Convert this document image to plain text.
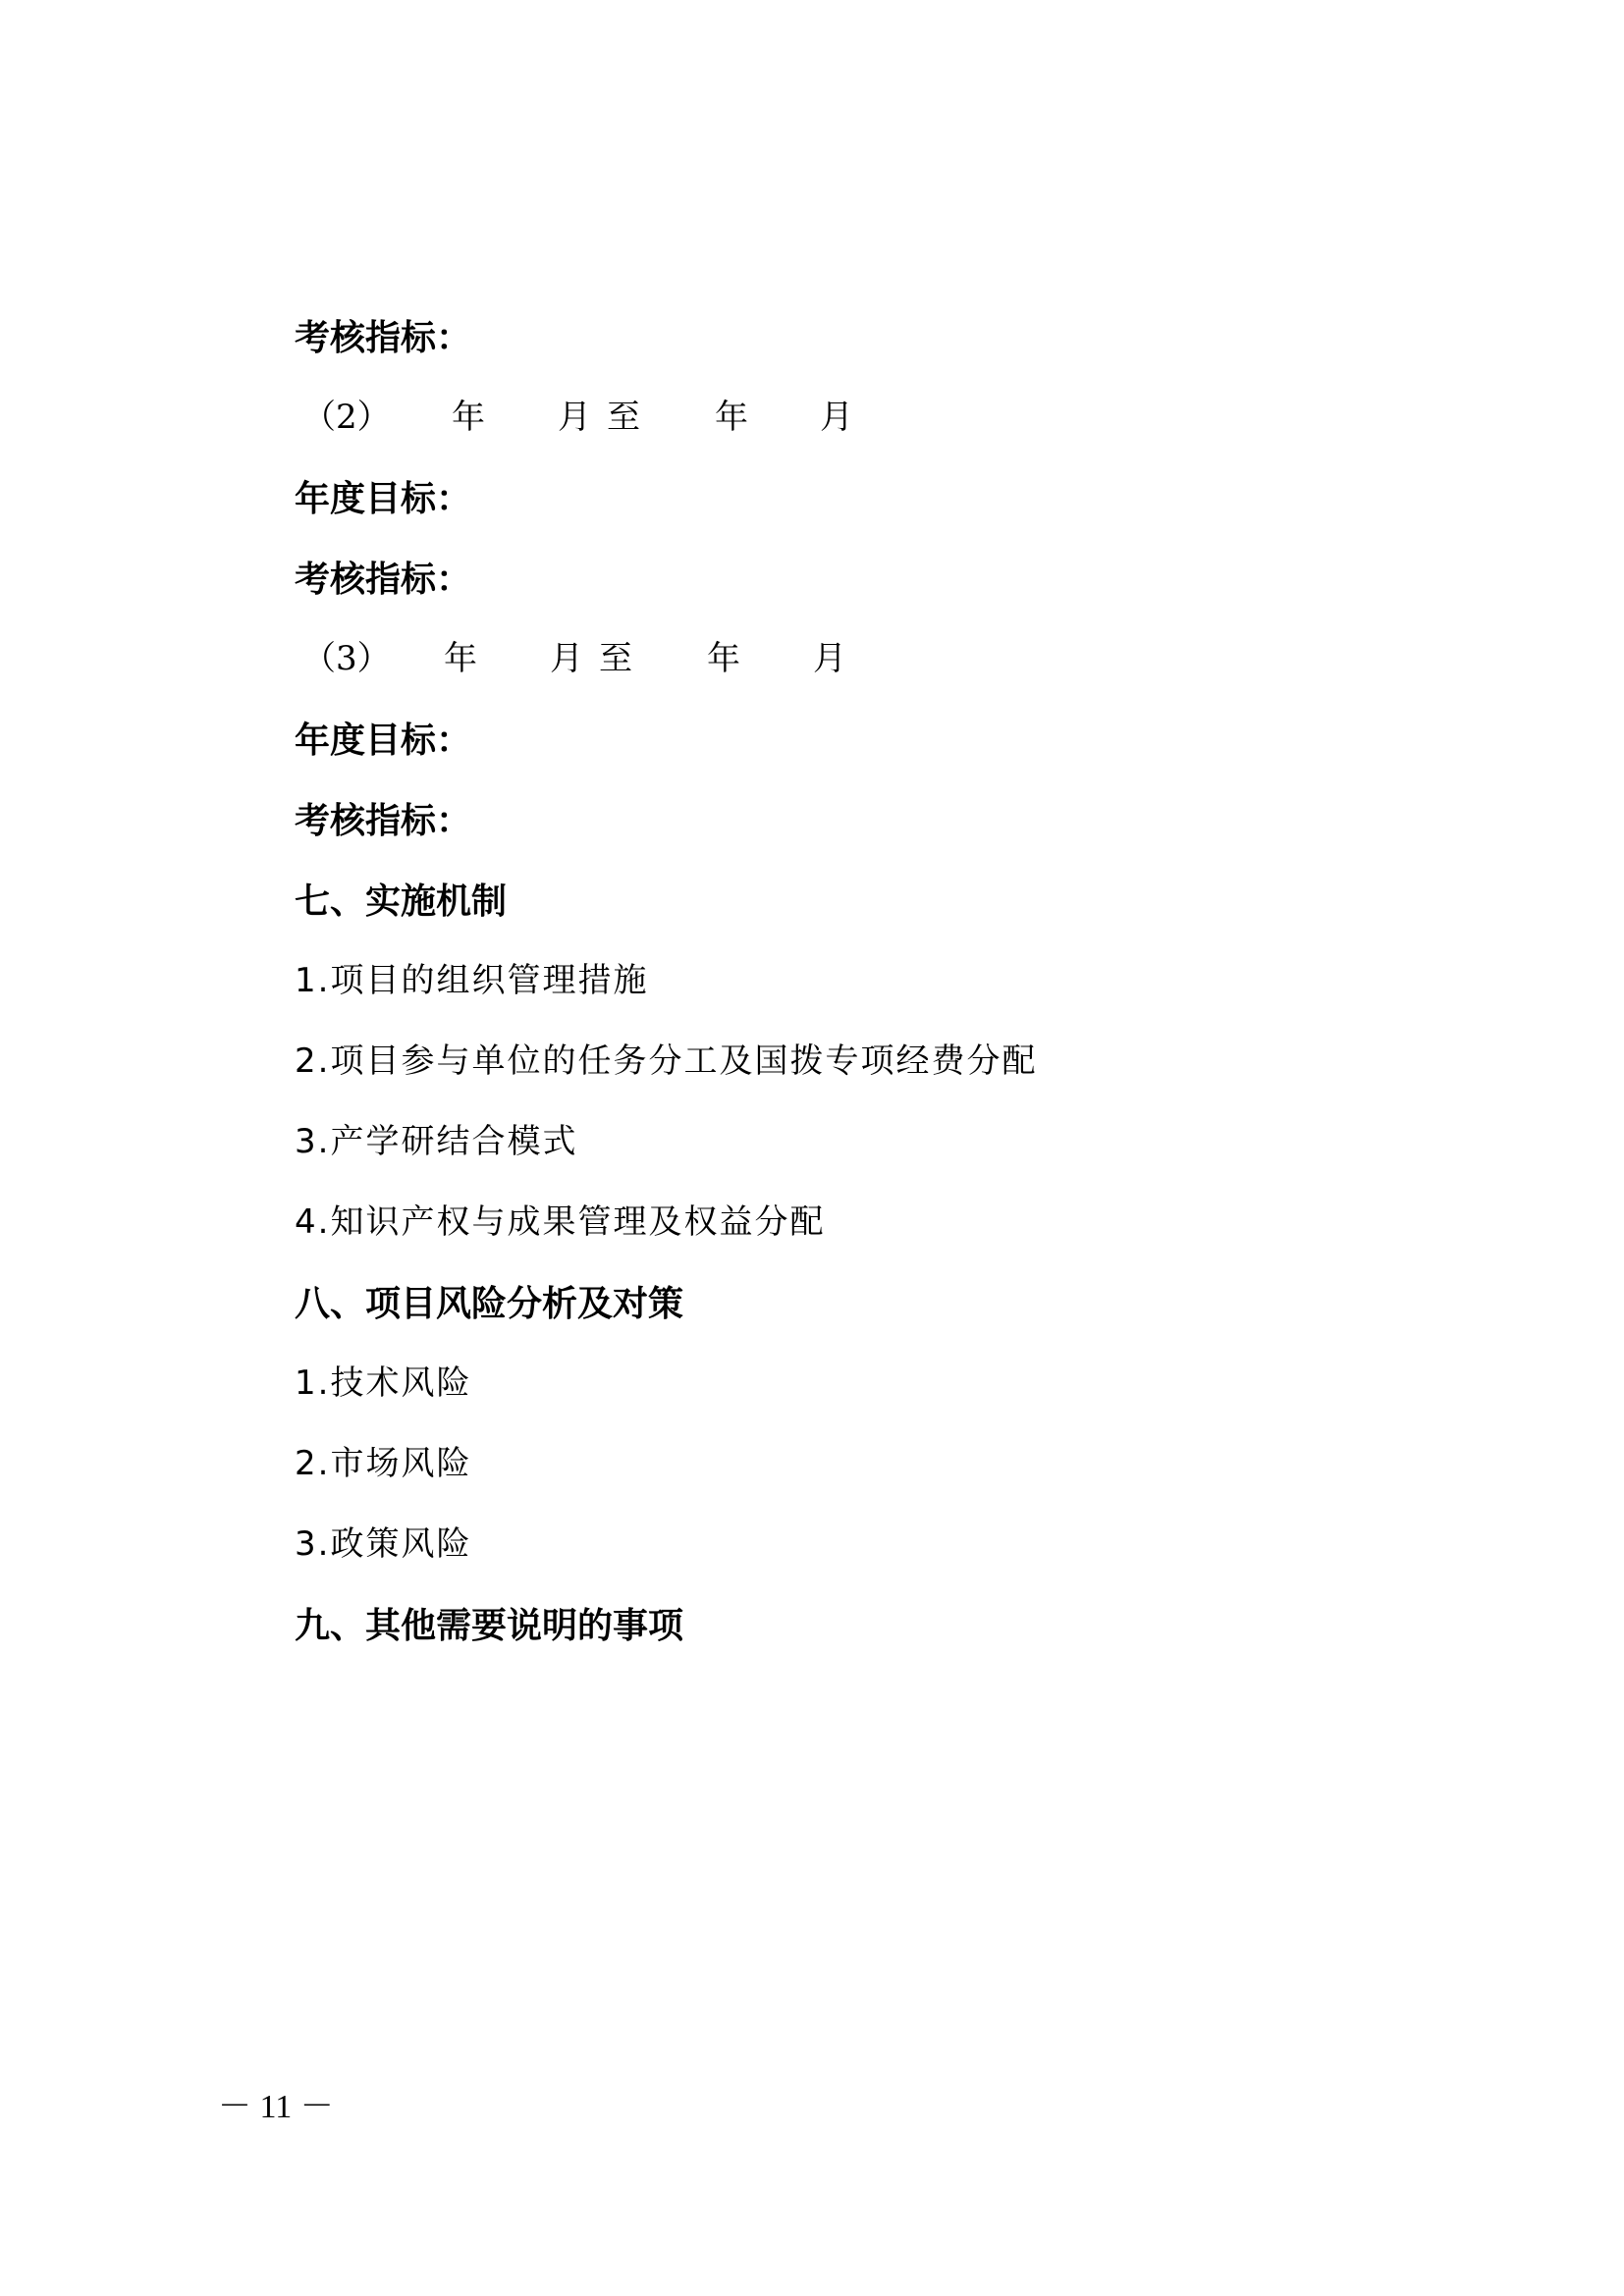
考核指标：

（2）

年

月

至

年

月

年度目标：
考核指标：

（3）

年

月

至

年

月

年度目标：
考核指标：
七、实施机制
1.项目的组织管理措施
2.项目参与单位的任务分工及国拨专项经费分配
3.产学研结合模式
4.知识产权与成果管理及权益分配
八、项目风险分析及对策
1.技术风险
2.市场风险
3.政策风险
九、其他需要说明的事项
－ 11 －
